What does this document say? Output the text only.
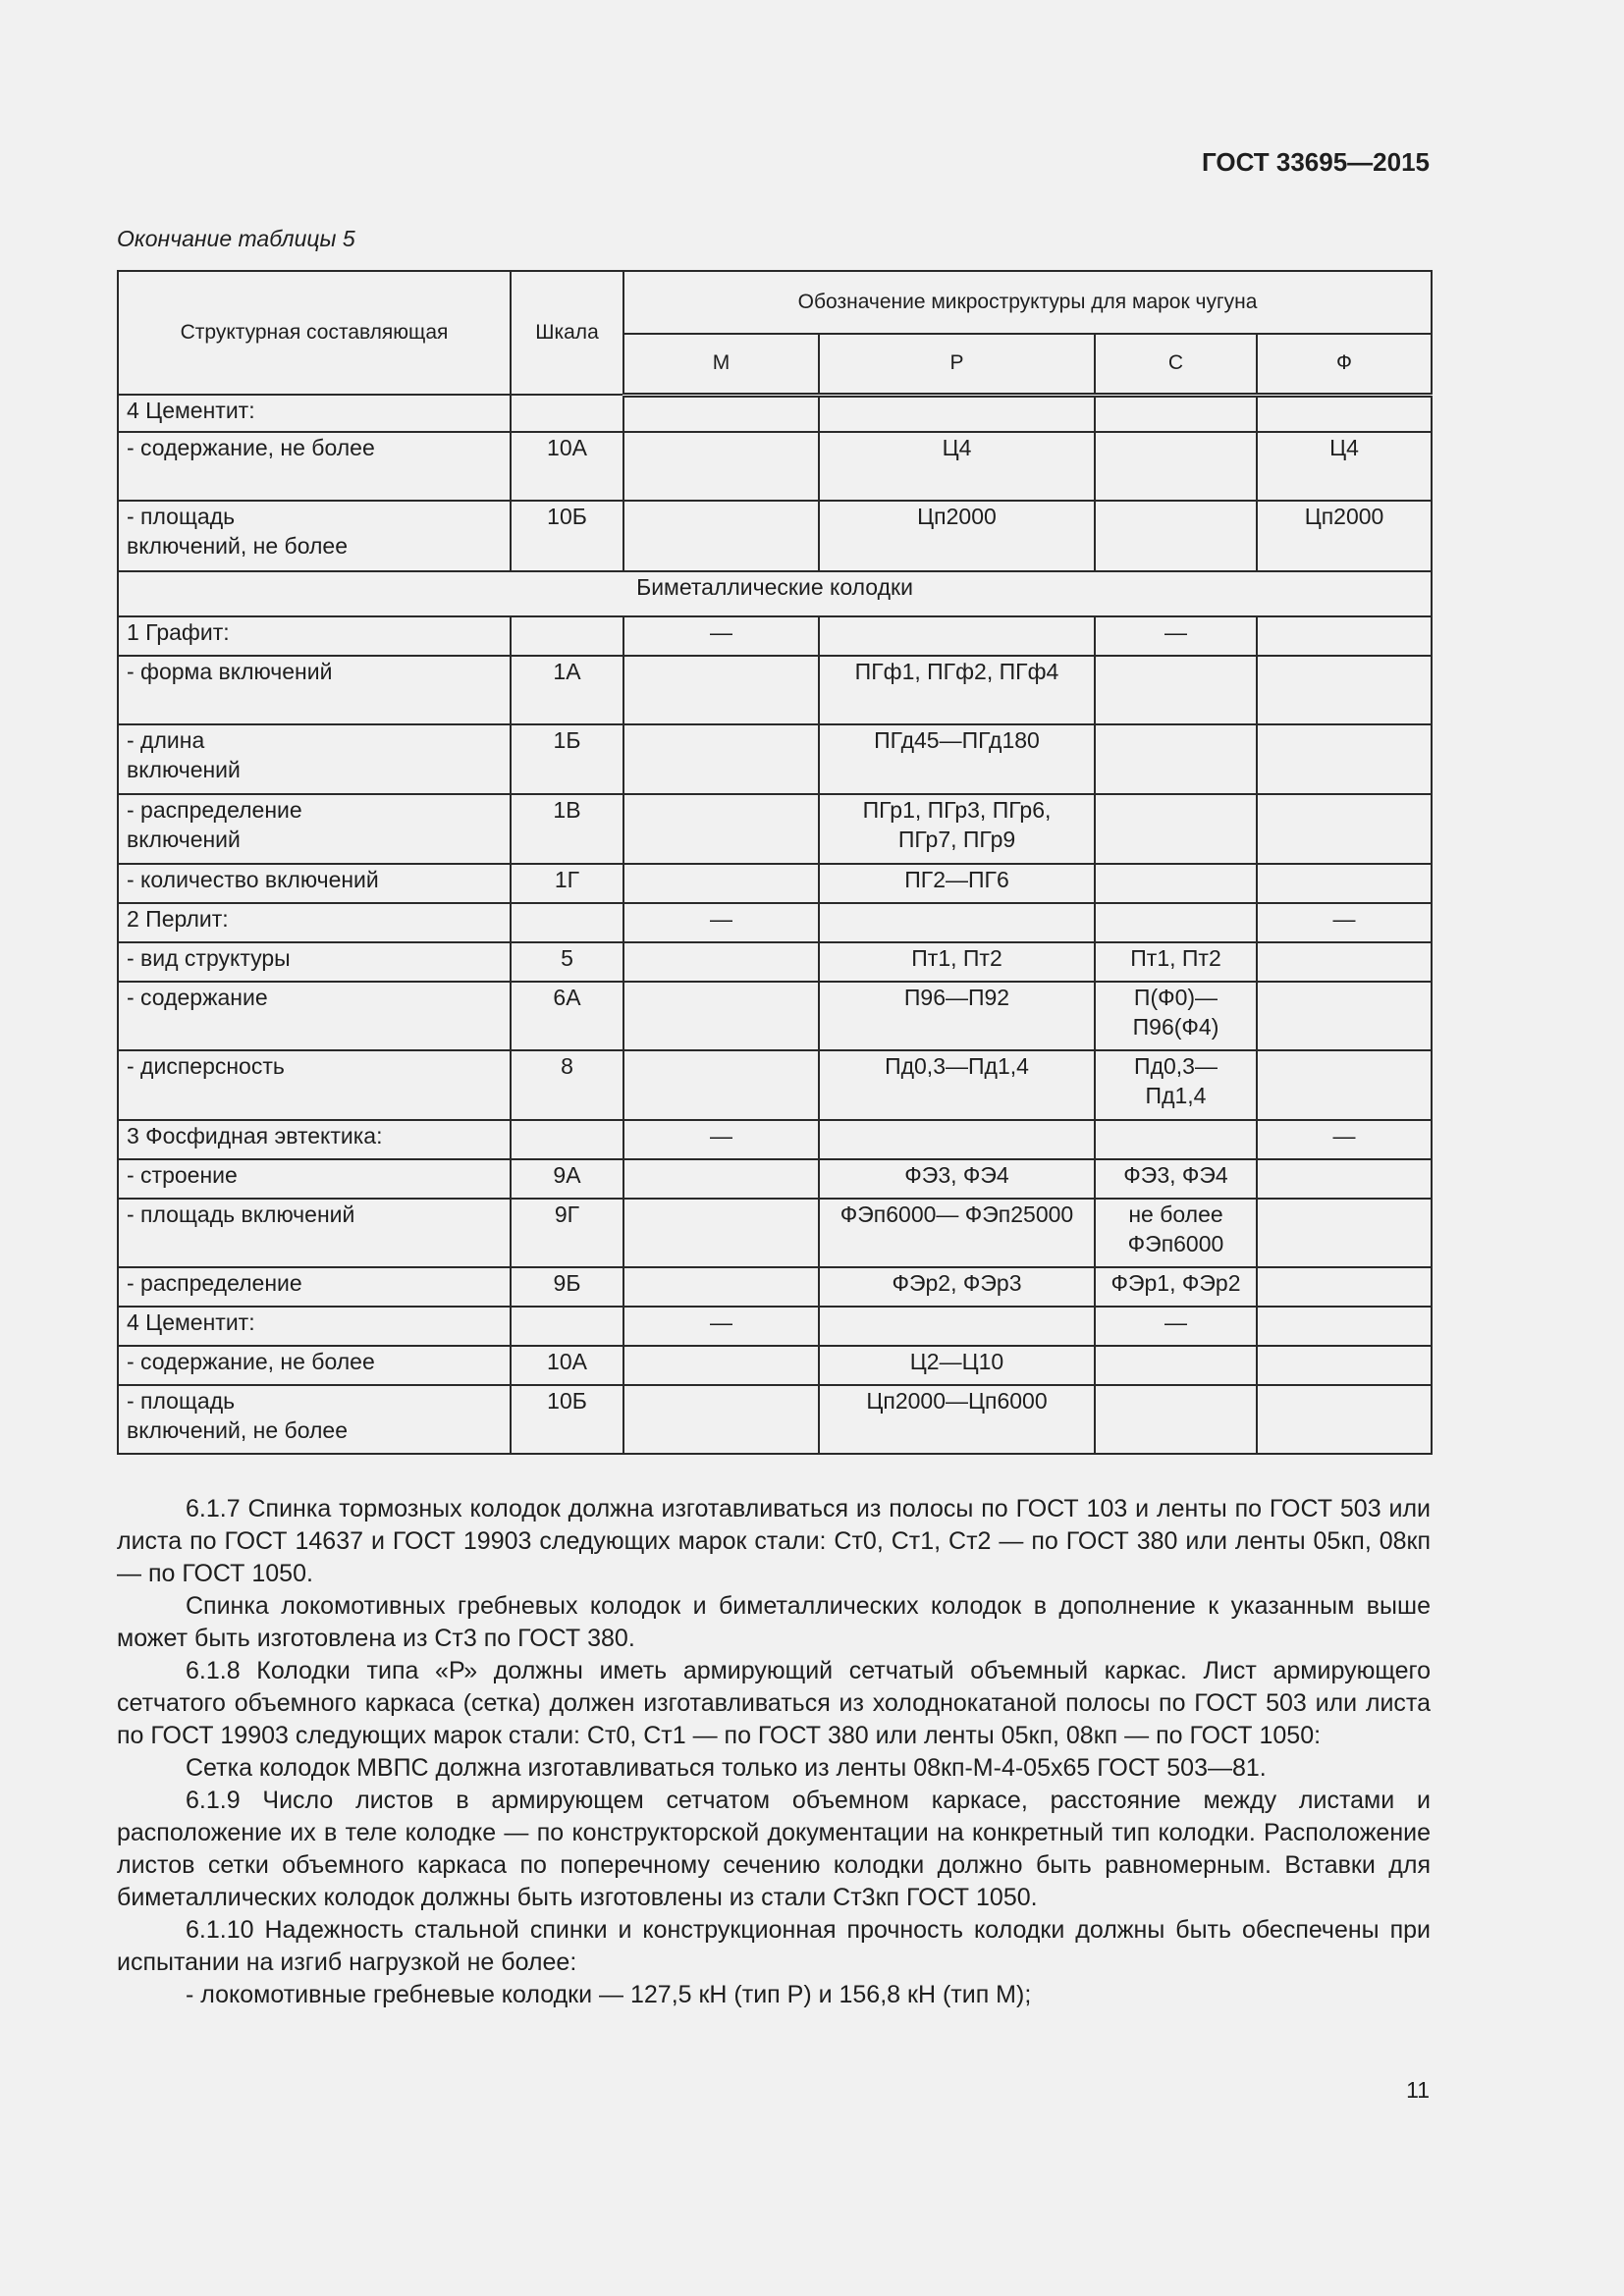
ГОСТ 33695—2015
Окончание таблицы 5
Структурная составляющая	Шкала	Обозначение микроструктуры для марок чугуна			
		М	Р	С	Ф
4 Цементит:					
- содержание, не более	10А		Ц4		Ц4
- площадь
включений, не более	10Б		Цп2000		Цп2000
Биметаллические колодки					
1 Графит:		—		—	
- форма включений	1А		ПГф1, ПГф2, ПГф4		
- длина
включений	1Б		ПГд45—ПГд180		
- распределение
включений	1В		ПГр1, ПГр3, ПГр6,
ПГр7, ПГр9		
- количество включений	1Г		ПГ2—ПГ6		
2 Перлит:		—			—
- вид структуры	5		Пт1, Пт2	Пт1, Пт2	
- содержание	6А		П96—П92	П(Ф0)—
П96(Ф4)	
- дисперсность	8		Пд0,3—Пд1,4	Пд0,3—
Пд1,4	
3 Фосфидная эвтектика:		—			—
- строение	9А		ФЭ3, ФЭ4	ФЭ3, ФЭ4	
- площадь включений	9Г		ФЭп6000— ФЭп25000	не более
ФЭп6000	
- распределение	9Б		ФЭр2, ФЭр3	ФЭр1, ФЭр2	
4 Цементит:		—		—	
- содержание, не более	10А		Ц2—Ц10		
- площадь
включений, не более	10Б		Цп2000—Цп6000		

6.1.7 Спинка тормозных колодок должна изготавливаться из полосы по ГОСТ 103 и ленты по ГОСТ 503 или листа по ГОСТ 14637 и ГОСТ 19903 следующих марок стали: Ст0, Ст1, Ст2 — по ГОСТ 380 или ленты 05кп, 08кп — по ГОСТ 1050.

Спинка локомотивных гребневых колодок и биметаллических колодок в дополнение к указанным выше может быть изготовлена из Ст3 по ГОСТ 380.

6.1.8 Колодки типа «Р» должны иметь армирующий сетчатый объемный каркас. Лист армирующего сетчатого объемного каркаса (сетка) должен изготавливаться из холоднокатаной полосы по ГОСТ 503 или листа по ГОСТ 19903 следующих марок стали: Ст0, Ст1 — по ГОСТ 380 или ленты 05кп, 08кп — по ГОСТ 1050:

Сетка колодок МВПС должна изготавливаться только из ленты 08кп-М-4-05х65 ГОСТ 503—81.

6.1.9 Число листов в армирующем сетчатом объемном каркасе, расстояние между листами и расположение их в теле колодке — по конструкторской документации на конкретный тип колодки. Расположение листов сетки объемного каркаса по поперечному сечению колодки должно быть равномерным. Вставки для биметаллических колодок должны быть изготовлены из стали Ст3кп ГОСТ 1050.

6.1.10 Надежность стальной спинки и конструкционная прочность колодки должны быть обеспечены при испытании на изгиб нагрузкой не более:

- локомотивные гребневые колодки — 127,5 кН (тип Р) и 156,8 кН (тип М);

11
